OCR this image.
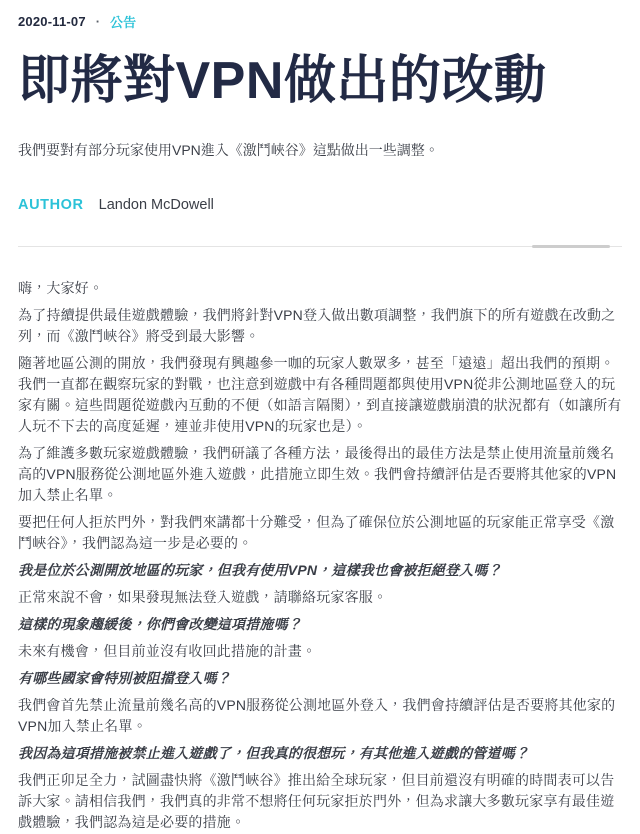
2020-11-07 · 公告
即將對VPN做出的改動

我們要對有部分玩家使用VPN進入《激鬥峽谷》這點做出一些調整。

AUTHOR Landon McDowell

嗨，大家好。

為了持續提供最佳遊戲體驗，我們將針對VPN登入做出數項調整，我們旗下的所有遊戲在改動之列，而《激鬥峽谷》將受到最大影響。

隨著地區公測的開放，我們發現有興趣參一咖的玩家人數眾多，甚至「遠遠」超出我們的預期。我們一直都在觀察玩家的對戰，也注意到遊戲中有各種問題都與使用VPN從非公測地區登入的玩家有關。這些問題從遊戲內互動的不便（如語言隔閡），到直接讓遊戲崩潰的狀況都有（如讓所有人玩不下去的高度延遲，連並非使用VPN的玩家也是）。

為了維護多數玩家遊戲體驗，我們研議了各種方法，最後得出的最佳方法是禁止使用流量前幾名高的VPN服務從公測地區外進入遊戲，此措施立即生效。我們會持續評估是否要將其他家的VPN加入禁止名單。

要把任何人拒於門外，對我們來講都十分難受，但為了確保位於公測地區的玩家能正常享受《激鬥峽谷》，我們認為這一步是必要的。

我是位於公測開放地區的玩家，但我有使用VPN，這樣我也會被拒絕登入嗎？

正常來說不會，如果發現無法登入遊戲，請聯絡玩家客服。

這樣的現象趨緩後，你們會改變這項措施嗎？

未來有機會，但目前並沒有收回此措施的計畫。

有哪些國家會特別被阻擋登入嗎？

我們會首先禁止流量前幾名高的VPN服務從公測地區外登入，我們會持續評估是否要將其他家的VPN加入禁止名單。

我因為這項措施被禁止進入遊戲了，但我真的很想玩，有其他進入遊戲的管道嗎？

我們正卯足全力，試圖盡快將《激鬥峽谷》推出給全球玩家，但目前還沒有明確的時間表可以告訴大家。請相信我們，我們真的非常不想將任何玩家拒於門外，但為求讓大多數玩家享有最佳遊戲體驗，我們認為這是必要的措施。
